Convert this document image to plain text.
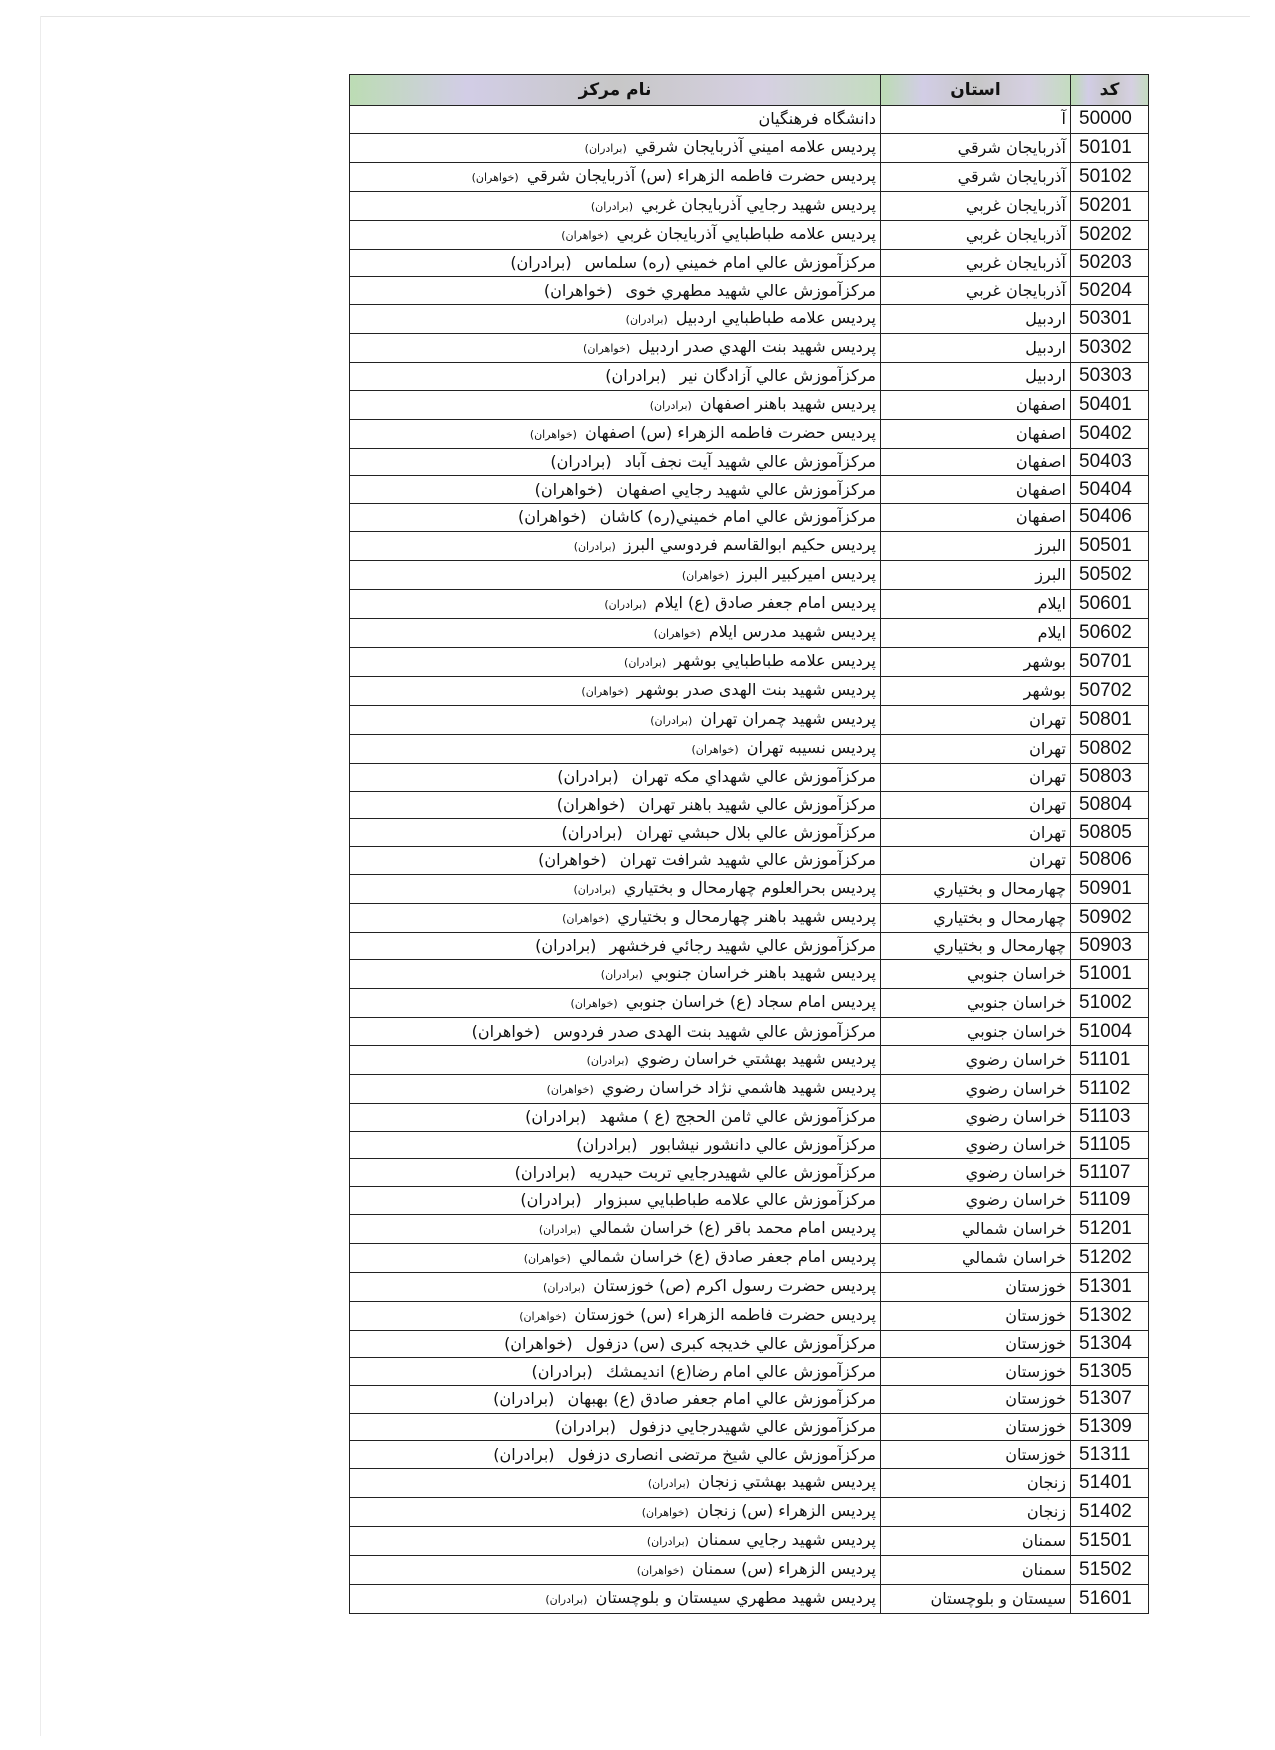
کد	استان	نام مرکز
50000	آ	دانشگاه فرهنگيان
50101	آذربايجان شرقي	پرديس علامه اميني آذربايجان شرقي (برادران)
50102	آذربايجان شرقي	پرديس حضرت فاطمه الزهراء (س) آذربايجان شرقي (خواهران)
50201	آذربايجان غربي	پرديس شهيد رجايي آذربايجان غربي (برادران)
50202	آذربايجان غربي	پرديس علامه طباطبايي آذربايجان غربي (خواهران)
50203	آذربايجان غربي	مركزآموزش عالي امام خميني (ره) سلماس (برادران)
50204	آذربايجان غربي	مركزآموزش عالي شهيد مطهري خوی (خواهران)
50301	اردبيل	پرديس علامه طباطبايي اردبيل (برادران)
50302	اردبيل	پرديس شهيد بنت الهدي صدر اردبيل (خواهران)
50303	اردبيل	مركزآموزش عالي آزادگان نير (برادران)
50401	اصفهان	پرديس شهيد باهنر اصفهان (برادران)
50402	اصفهان	پرديس حضرت فاطمه الزهراء (س) اصفهان (خواهران)
50403	اصفهان	مركزآموزش عالي شهيد آيت نجف آباد (برادران)
50404	اصفهان	مركزآموزش عالي شهيد رجايي اصفهان (خواهران)
50406	اصفهان	مركزآموزش عالي امام خميني(ره) كاشان (خواهران)
50501	البرز	پرديس حكيم ابوالقاسم فردوسي البرز (برادران)
50502	البرز	پرديس اميركبير البرز (خواهران)
50601	ايلام	پرديس امام جعفر صادق (ع) ايلام (برادران)
50602	ايلام	پرديس شهيد مدرس ايلام (خواهران)
50701	بوشهر	پرديس علامه طباطبايي بوشهر (برادران)
50702	بوشهر	پرديس شهيد بنت الهدی صدر بوشهر (خواهران)
50801	تهران	پرديس شهيد چمران تهران (برادران)
50802	تهران	پرديس نسيبه تهران (خواهران)
50803	تهران	مركزآموزش عالي شهداي مكه تهران (برادران)
50804	تهران	مركزآموزش عالي شهيد باهنر تهران (خواهران)
50805	تهران	مركزآموزش عالي بلال حبشي تهران (برادران)
50806	تهران	مركزآموزش عالي شهيد شرافت تهران (خواهران)
50901	چهارمحال و بختياري	پرديس بحرالعلوم چهارمحال و بختياري (برادران)
50902	چهارمحال و بختياري	پرديس شهيد باهنر چهارمحال و بختياري (خواهران)
50903	چهارمحال و بختياري	مركزآموزش عالي شهيد رجائي فرخشهر (برادران)
51001	خراسان جنوبي	پرديس شهيد باهنر خراسان جنوبي (برادران)
51002	خراسان جنوبي	پرديس امام سجاد (ع) خراسان جنوبي (خواهران)
51004	خراسان جنوبي	مركزآموزش عالي شهيد بنت الهدی صدر فردوس (خواهران)
51101	خراسان رضوي	پرديس شهيد بهشتي خراسان رضوي (برادران)
51102	خراسان رضوي	پرديس شهيد هاشمي نژاد خراسان رضوي (خواهران)
51103	خراسان رضوي	مركزآموزش عالي ثامن الحجج (ع ) مشهد (برادران)
51105	خراسان رضوي	مركزآموزش عالي دانشور نيشابور (برادران)
51107	خراسان رضوي	مركزآموزش عالي شهيدرجايي تربت حيدريه (برادران)
51109	خراسان رضوي	مركزآموزش عالي علامه طباطبايي سبزوار (برادران)
51201	خراسان شمالي	پرديس امام محمد باقر (ع) خراسان شمالي (برادران)
51202	خراسان شمالي	پرديس امام جعفر صادق (ع) خراسان شمالي (خواهران)
51301	خوزستان	پرديس حضرت رسول اكرم (ص) خوزستان (برادران)
51302	خوزستان	پرديس حضرت فاطمه الزهراء (س) خوزستان (خواهران)
51304	خوزستان	مركزآموزش عالي خديجه كبری (س) دزفول (خواهران)
51305	خوزستان	مركزآموزش عالي امام رضا(ع) انديمشك (برادران)
51307	خوزستان	مركزآموزش عالي امام جعفر صادق (ع) بهبهان (برادران)
51309	خوزستان	مركزآموزش عالي شهيدرجايي دزفول (برادران)
51311	خوزستان	مركزآموزش عالي شيخ مرتضی انصاری دزفول (برادران)
51401	زنجان	پرديس شهيد بهشتي زنجان (برادران)
51402	زنجان	پرديس الزهراء (س) زنجان (خواهران)
51501	سمنان	پرديس شهيد رجايي سمنان (برادران)
51502	سمنان	پرديس الزهراء (س) سمنان (خواهران)
51601	سيستان و بلوچستان	پرديس شهيد مطهري سيستان و بلوچستان (برادران)
